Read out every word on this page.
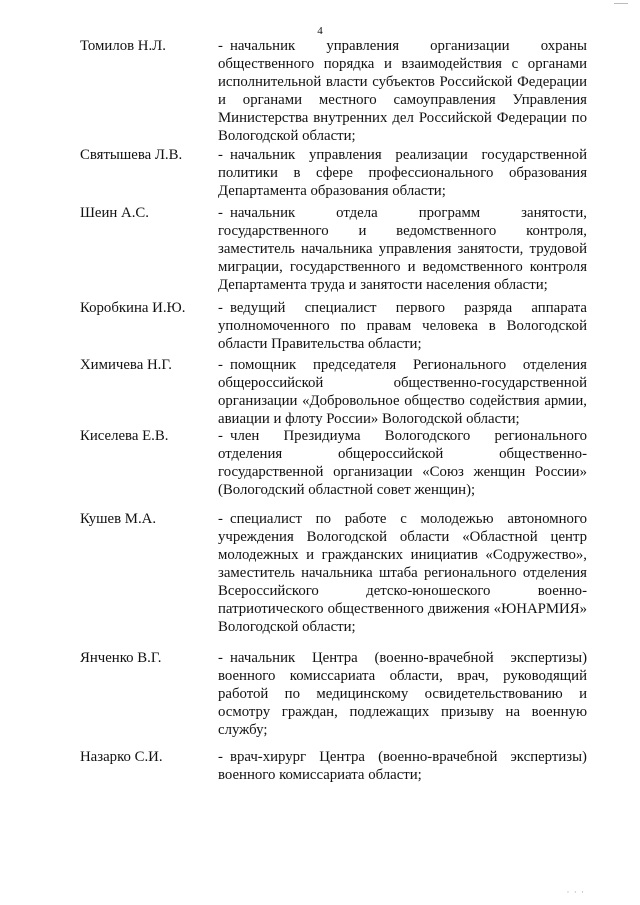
4
Томилов Н.Л.	- начальник управления организации охраны общественного порядка и взаимодействия с органами исполнительной власти субъектов Российской Федерации и органами местного самоуправления Управления Министерства внутренних дел Российской Федерации по Вологодской области;
Святышева Л.В. - начальник управления реализации государственной политики в сфере профессионального образования Департамента образования области;
Шеин А.С.	- начальник отдела программ занятости, государственного и ведомственного контроля, заместитель начальника управления занятости, трудовой миграции, государственного и ведомственного контроля Департамента труда и занятости населения области;
Коробкина И.Ю. - ведущий специалист первого разряда аппарата уполномоченного по правам человека в Вологодской области Правительства области;
Химичева Н.Г.	- помощник председателя Регионального отделения общероссийской общественно-государственной организации «Добровольное общество содействия армии, авиации и флоту России» Вологодской области;
Киселева Е.В.	- член Президиума Вологодского регионального отделения общероссийской общественно-государственной организации «Союз женщин России» (Вологодский областной совет женщин);
Кушев М.А.	- специалист по работе с молодежью автономного учреждения Вологодской области «Областной центр молодежных и гражданских инициатив «Содружество», заместитель начальника штаба регионального отделения Всероссийского детско-юношеского военно-патриотического общественного движения «ЮНАРМИЯ» Вологодской области;
Янченко В.Г.	- начальник Центра (военно-врачебной экспертизы) военного комиссариата области, врач, руководящий работой по медицинскому освидетельствованию и осмотру граждан, подлежащих призыву на военную службу;
Назарко С.И.	- врач-хирург Центра (военно-врачебной экспертизы) военного комиссариата области;
· · ·
